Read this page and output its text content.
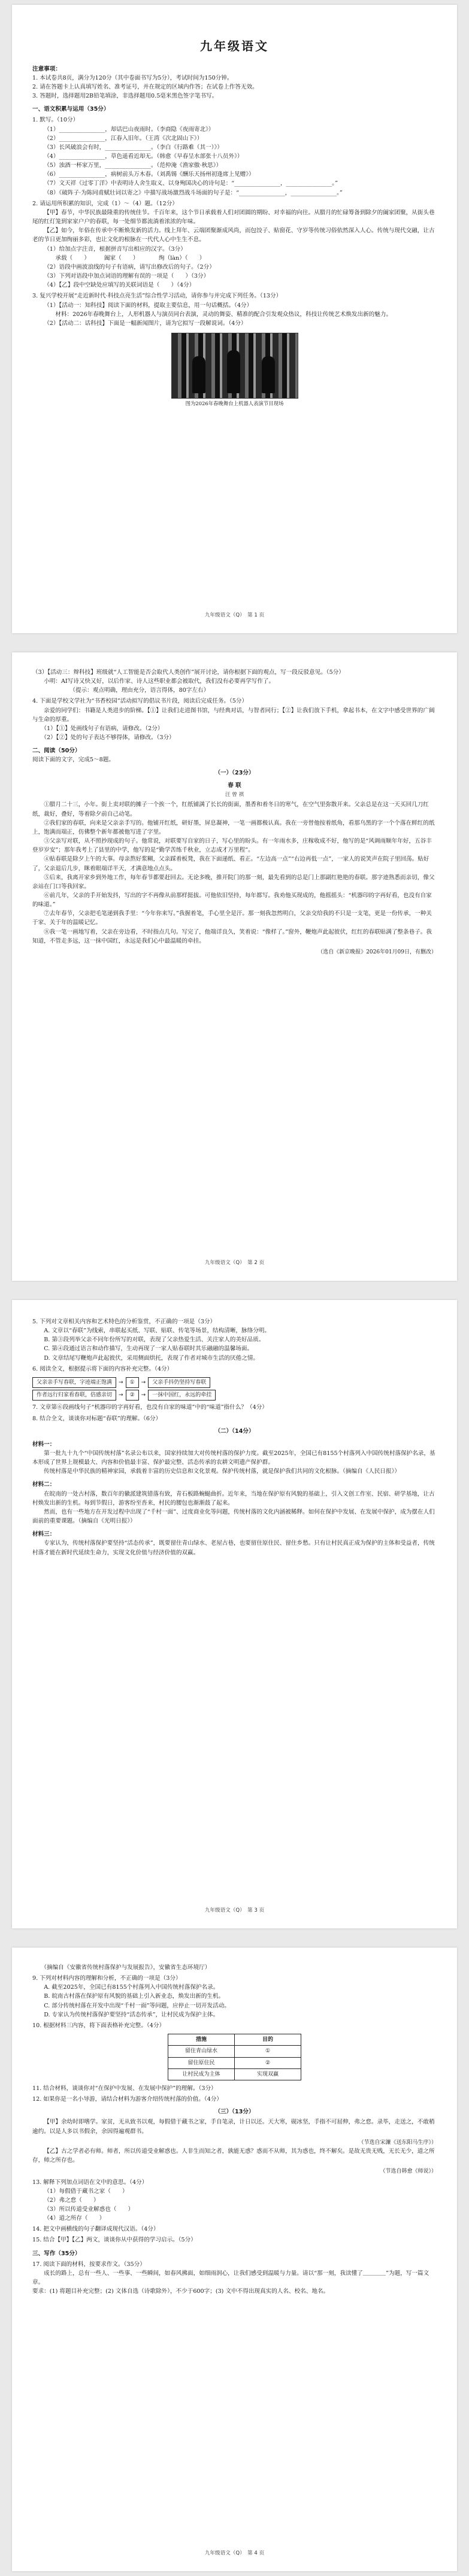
九年级语文
注意事项：

1. 本试卷共8页，满分为120分（其中卷面书写为5分），考试时间为150分钟。

2. 请在答题卡上认真填写姓名、准考证号，并在规定的区域内作答；在试卷上作答无效。

3. 答题时，选择题用2B铅笔填涂，非选择题用0.5毫米黑色签字笔书写。

一、语文积累与运用（35分）

1. 默写。（10分）

（1）________________，却话巴山夜雨时。（李商隐《夜雨寄北》）

（2）________________，江春入旧年。（王湾《次北固山下》）

（3）长风破浪会有时，________________。（李白《行路难（其一）》）

（4）________________，草色遥看近却无。（韩愈《早春呈水部张十八员外》）

（5）浊酒一杯家万里，________________。（范仲淹《渔家傲·秋思》）

（6）________________，病树前头万木春。（刘禹锡《酬乐天扬州初逢席上见赠》）

（7）文天祥《过零丁洋》中表明诗人舍生取义、以身殉国决心的诗句是：“________________，________________。”

（8）《破阵子·为陈同甫赋壮词以寄之》中描写战场激烈战斗场面的句子是：“________________，________________。”

2. 请运用所积累的知识，完成（1）～（4）题。（12分）

【甲】春节，中华民族最隆重的传统佳节。千百年来，这个节日承载着人们对团圆的期盼、对幸福的向往。从腊月的忙碌筹备到除夕的阖家团聚，从街头巷尾的红灯笼到家家户户的春联，每一处细节都流淌着浓浓的年味。

【乙】如今，年俗在传承中不断焕发新的活力。线上拜年、云端团聚渐成风尚，而包饺子、贴窗花、守岁等传统习俗依然深入人心。传统与现代交融，让古老的节日更加绚丽多彩，也让文化的根脉在一代代人心中生生不息。

（1）给加点字注音，根据拼音写出相应的汉字。（3分）

　　承载（　　）　　　阖家（　　）　　　　绚（làn）（　　）

（2）语段中画波浪线的句子有语病，请写出修改后的句子。（2分）

（3）下列对语段中加点词语的理解有误的一项是（　　）（3分）

（4）【乙】段中空缺处应填写的关联词语是（　　）（4分）

3. 复兴学校开展“走近新时代·科技点亮生活”综合性学习活动，请你参与并完成下列任务。（13分）

（1）【活动一：知科技】阅读下面的材料，提取主要信息，用一句话概括。（4分）

　　材料：2026年春晚舞台上，人形机器人与演员同台表演，灵动的舞姿、精准的配合引发观众热议，科技让传统艺术焕发出新的魅力。

（2）【活动二：话科技】下面是一幅新闻图片，请为它拟写一段解说词。（4分）

图为2026年春晚舞台上机器人表演节目现场
九年级语文（Q）　第 1 页

（3）【活动三：辩科技】班级就“人工智能是否会取代人类创作”展开讨论，请你根据下面的观点，写一段反驳意见。（5分）

　　小明：AI写诗又快又好，以后作家、诗人这些职业都会被取代，我们没有必要再学写作了。

　　　　　　　（提示：观点明确，理由充分，语言得体，80字左右）

4. 下面是学校文学社为“书香校园”活动拟写的倡议书片段，阅读后完成任务。（5分）

　　亲爱的同学们：书籍是人类进步的阶梯。【①】让我们走进图书馆，与经典对话，与智者同行；【②】让我们放下手机，拿起书本，在文字中感受世界的广阔与生命的厚重。

　　（1）【①】处画线句子有语病，请修改。（2分）

　　（2）【②】处的句子表达不够得体，请修改。（3分）

二、阅读（50分）

阅读下面的文字，完成5～8题。

（一）（23分）
春 联
汪 曾 祺

①腊月二十三，小年。街上卖对联的摊子一个挨一个，红纸铺满了长长的街面，墨香和着冬日的寒气，在空气里弥散开来。父亲总是在这一天买回几刀红纸，裁好，叠好，等着除夕前自己动笔。

②我们家的春联，向来是父亲亲手写的。他铺开红纸，研好墨，屏息凝神，一笔一画都极认真。我在一旁替他按着纸角，看那乌黑的字一个个落在鲜红的纸上，饱满而端正，仿佛整个新年都被他写进了字里。

③父亲写对联，从不照抄现成的句子。他常说，对联要写自家的日子，写心里的盼头。有一年雨水多，庄稼收成不好，他写的是“风调雨顺年年好，五谷丰登岁岁安”；那年我考上了县里的中学，他写的是“勤学苦练千秋业，立志成才万里程”。

④贴春联是除夕上午的大事。母亲熬好浆糊，父亲踩着板凳，我在下面递纸、看正。“左边高一点”“右边再低一点”，一家人的说笑声在院子里回荡。贴好了，父亲退后几步，眯着眼端详半天，才满意地点点头。

⑤后来，我离开家乡到外地工作，每年春节都要赶回去。无论多晚，推开院门的那一刻，最先看到的总是门上那副红艳艳的春联。那字迹熟悉而亲切，像父亲站在门口等我回家。

⑥前几年，父亲的手开始发抖，写出的字不再像从前那样挺拔。可他依旧坚持，每年都写。我劝他买现成的，他摇摇头：“机器印的字再好看，也没有自家的味道。”

⑦去年春节，父亲把毛笔递到我手里：“今年你来写。”我握着笔，手心里全是汗。那一刻我忽然明白，父亲交给我的不只是一支笔，更是一份传承，一种关于家、关于年的温暖记忆。

⑧我一笔一画地写着，父亲在旁边看，不时指点几句。写完了，他端详良久，笑着说：“像样了。”窗外，鞭炮声此起彼伏，红红的春联贴满了整条巷子。我知道，不管走多远，这一抹中国红，永远是我们心中最温暖的牵挂。

（选自《新京晚报》2026年01月09日，有删改）
九年级语文（Q）　第 2 页

5. 下列对文章相关内容和艺术特色的分析鉴赏，不正确的一项是（3分）

A. 文章以“春联”为线索，串联起买纸、写联、贴联、传笔等场景，结构清晰，脉络分明。

B. 第③段列举父亲不同年份所写的对联，表现了父亲热爱生活、关注家人的美好品质。

C. 第④段通过语言和动作描写，生动再现了一家人贴春联时其乐融融的温馨场面。

D. 文章结尾写鞭炮声此起彼伏，采用侧面烘托，表现了作者对城市生活的厌倦之情。

6. 阅读全文，根据提示将下面的内容补充完整。（4分）

父亲亲手写春联，字迹端正饱满	→	①	→	父亲手抖仍坚持写春联
作者远行归家看春联，倍感亲切	→	②	→	一抹中国红，永远的牵挂

7. 文章第⑥段画线句子“机器印的字再好看，也没有自家的味道”中的“味道”指什么？（4分）

8. 结合全文，谈谈你对标题“春联”的理解。（6分）

（二）（14分）

材料一：

　　第一批九十九个“中国传统村落”名录公布以来，国家持续加大对传统村落的保护力度。截至2025年，全国已有8155个村落列入中国传统村落保护名录，基本形成了世界上规模最大、内容和价值最丰富、保护最完整、活态传承的农耕文明遗产保护群。

　　传统村落是中华民族的精神家园，承载着丰富的历史信息和文化景观。保护传统村落，就是保护我们共同的文化根脉。（摘编自《人民日报》）

材料二：

　　在皖南的一处古村落，数百年的徽派建筑错落有致，青石板路蜿蜒曲折。近年来，当地在保护原有风貌的基础上，引入文创工作室、民宿、研学基地，让古村焕发出新的生机。每到节假日，游客纷至沓来，村民的腰包也渐渐鼓了起来。

　　然而，也有一些地方在开发过程中出现了“千村一面”、过度商业化等问题，传统村落的文化内涵被稀释。如何在保护中发展、在发展中保护，成为摆在人们面前的重要课题。（摘编自《光明日报》）

材料三：

　　专家认为，传统村落保护要坚持“活态传承”，既要留住青山绿水、老屋古巷，也要留住原住民、留住乡愁。只有让村民真正成为保护的主体和受益者，传统村落才能在新时代延续生命力，实现文化价值与经济价值的双赢。

九年级语文（Q）　第 3 页

　　（摘编自《安徽省传统村落保护与发展报告》，安徽省生态环境厅）

9. 下列对材料内容的理解和分析，不正确的一项是（3分）

A. 截至2025年，全国已有8155个村落列入中国传统村落保护名录。

B. 皖南古村落在保护原有风貌的基础上引入新业态，焕发出新的生机。

C. 部分传统村落在开发中出现“千村一面”等问题，应停止一切开发活动。

D. 专家认为传统村落保护要坚持“活态传承”，让村民成为保护主体。

10. 根据材料三内容，将下面表格补充完整。（4分）

措施	目的
留住青山绿水	①
留住原住民	②
让村民成为主体	实现双赢

11. 结合材料，谈谈你对“在保护中发展、在发展中保护”的理解。（3分）

12. 如果你是一名小导游，请结合材料为游客介绍传统村落的价值。（4分）

（三）（13分）

【甲】余幼时即嗜学。家贫，无从致书以观，每假借于藏书之家，手自笔录，计日以还。天大寒，砚冰坚，手指不可屈伸，弗之怠。录毕，走送之，不敢稍逾约。以是人多以书假余，余因得遍观群书。

（节选自宋濂《送东阳马生序》）

【乙】古之学者必有师。师者，所以传道受业解惑也。人非生而知之者，孰能无惑？惑而不从师，其为惑也，终不解矣。是故无贵无贱，无长无少，道之所存，师之所存也。

（节选自韩愈《师说》）

13. 解释下列加点词语在文中的意思。（4分）

（1）每假借于藏书之家（　　）

（2）弗之怠（　　）

（3）所以传道受业解惑也（　　）

（4）道之所存（　　）

14. 把文中画横线的句子翻译成现代汉语。（4分）

15. 结合【甲】【乙】两文，谈谈你从中获得的学习启示。（5分）

三、写作（35分）

17. 阅读下面的材料，按要求作文。（35分）

　　成长的路上，总有一些人、一些事、一些瞬间，如春风拂面，如细雨润心，让我们感受到温暖与力量。请以“那一刻，我读懂了＿＿＿＿”为题，写一篇文章。

要求：(1) 将题目补充完整；(2) 文体自选（诗歌除外），不少于600字；(3) 文中不得出现真实的人名、校名、地名。

九年级语文（Q）　第 4 页
